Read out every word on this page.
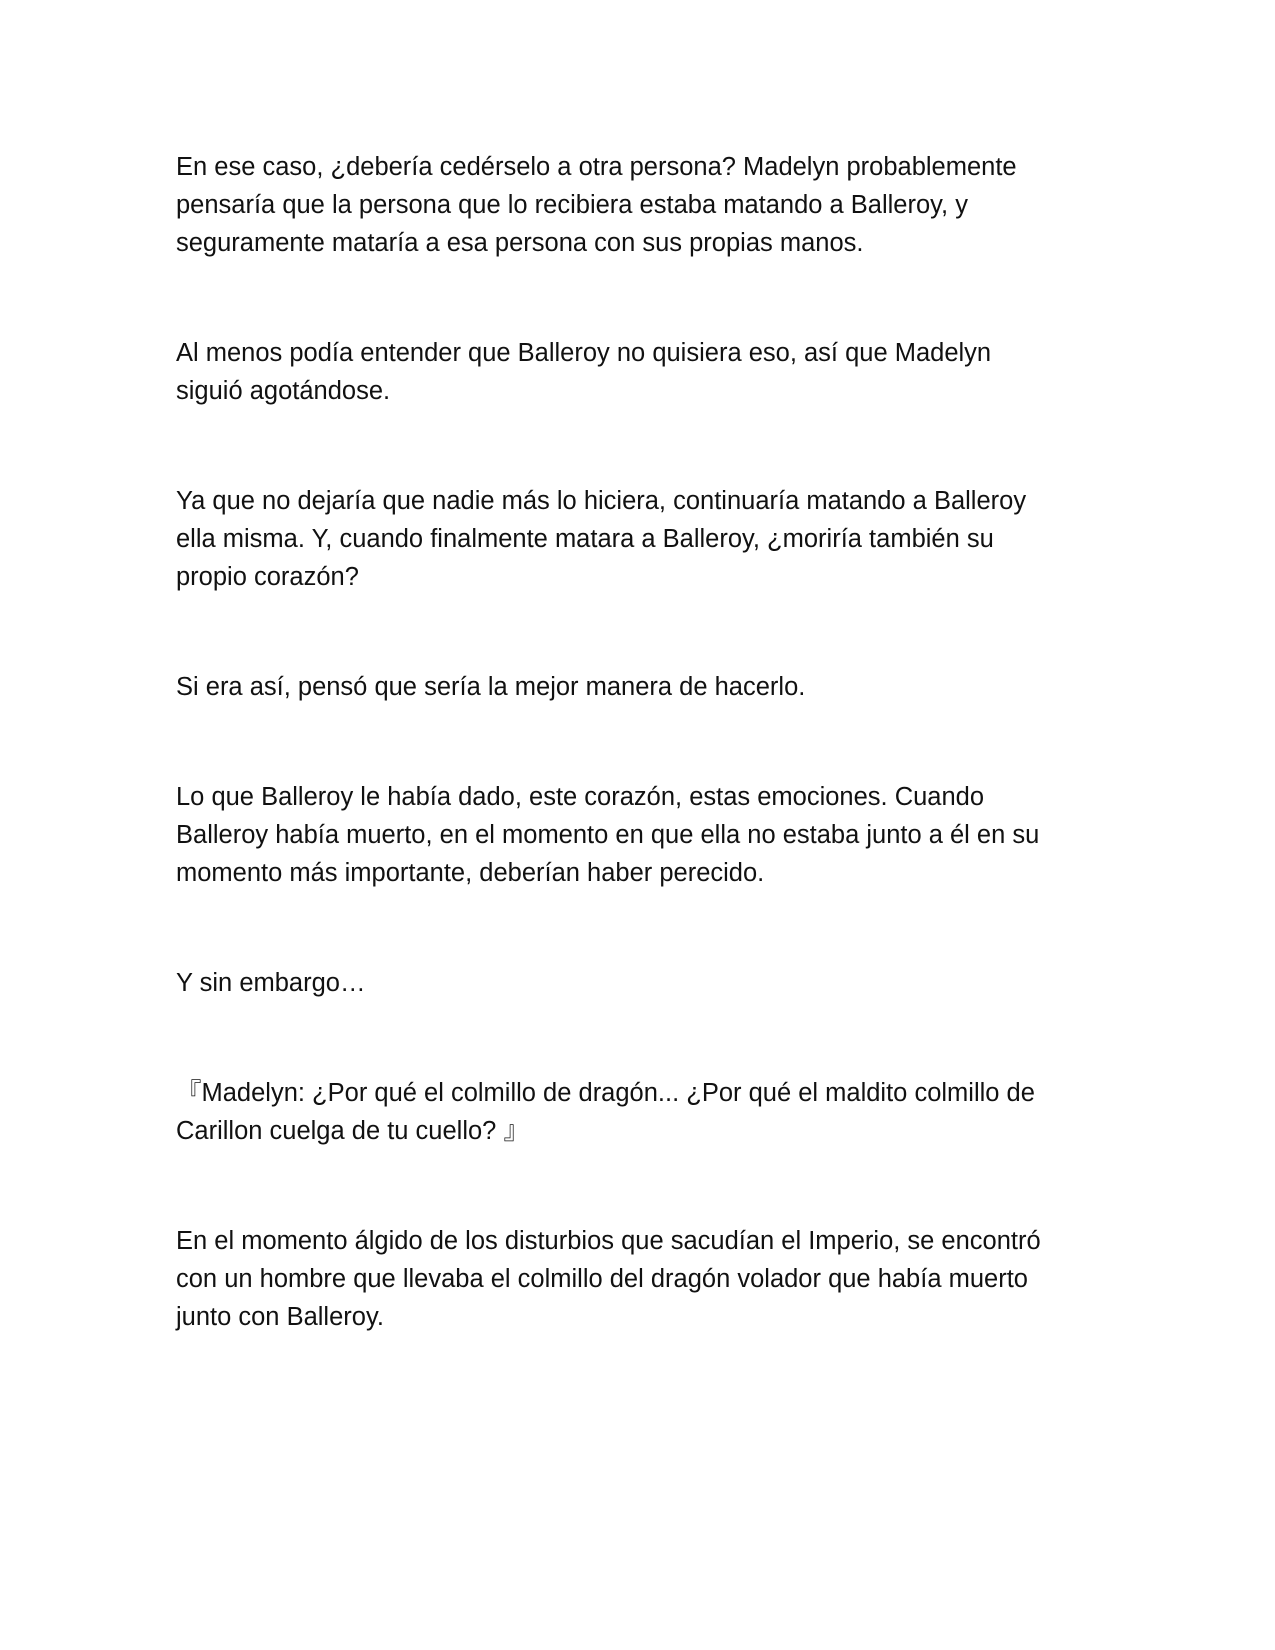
En ese caso, ¿debería cedérselo a otra persona? Madelyn probablemente
pensaría que la persona que lo recibiera estaba matando a Balleroy, y
seguramente mataría a esa persona con sus propias manos.

Al menos podía entender que Balleroy no quisiera eso, así que Madelyn
siguió agotándose.

Ya que no dejaría que nadie más lo hiciera, continuaría matando a Balleroy
ella misma. Y, cuando finalmente matara a Balleroy, ¿moriría también su
propio corazón?

Si era así, pensó que sería la mejor manera de hacerlo.

Lo que Balleroy le había dado, este corazón, estas emociones. Cuando
Balleroy había muerto, en el momento en que ella no estaba junto a él en su
momento más importante, deberían haber perecido.

Y sin embargo…

『Madelyn: ¿Por qué el colmillo de dragón... ¿Por qué el maldito colmillo de
Carillon cuelga de tu cuello? 』

En el momento álgido de los disturbios que sacudían el Imperio, se encontró
con un hombre que llevaba el colmillo del dragón volador que había muerto
junto con Balleroy.
